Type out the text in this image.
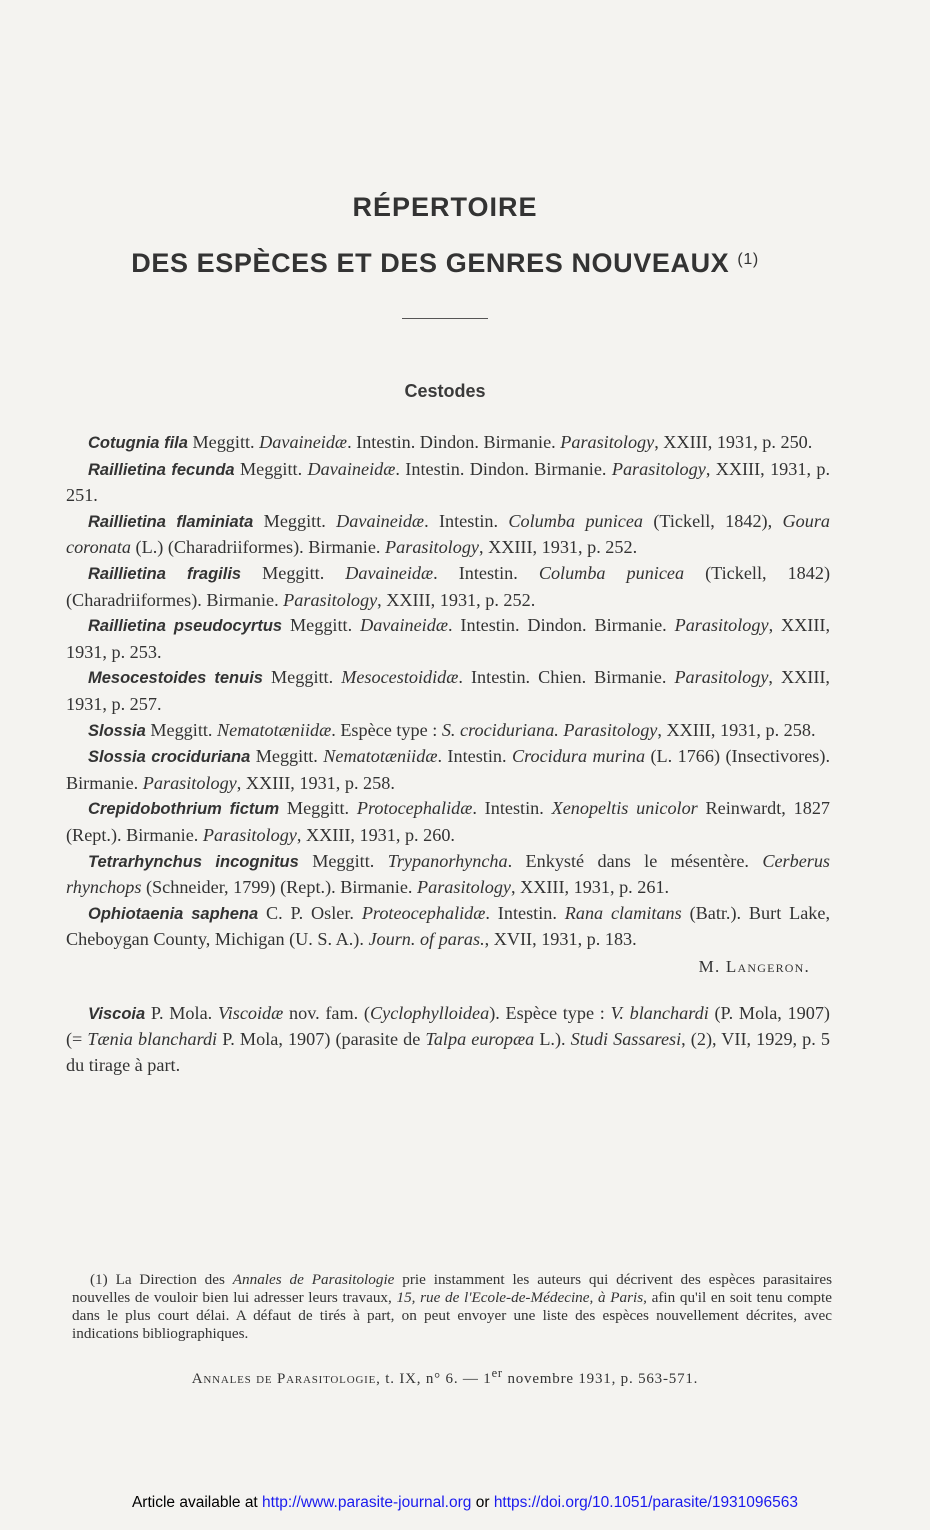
RÉPERTOIRE
DES ESPÈCES ET DES GENRES NOUVEAUX $^{(1)}$
Cestodes

Cotugnia fila Meggitt. Davaineidæ. Intestin. Dindon. Birmanie. Parasitology, XXIII, 1931, p. 250.

Raillietina fecunda Meggitt. Davaineidæ. Intestin. Dindon. Birmanie. Parasitology, XXIII, 1931, p. 251.

Raillietina flaminiata Meggitt. Davaineidæ. Intestin. Columba punicea (Tickell, 1842), Goura coronata (L.) (Charadriiformes). Birmanie. Parasitology, XXIII, 1931, p. 252.

Raillietina fragilis Meggitt. Davaineidæ. Intestin. Columba punicea (Tickell, 1842) (Charadriiformes). Birmanie. Parasitology, XXIII, 1931, p. 252.

Raillietina pseudocyrtus Meggitt. Davaineidæ. Intestin. Dindon. Birmanie. Parasitology, XXIII, 1931, p. 253.

Mesocestoides tenuis Meggitt. Mesocestoididæ. Intestin. Chien. Birmanie. Parasitology, XXIII, 1931, p. 257.

Slossia Meggitt. Nematotæniidæ. Espèce type : S. crociduriana. Parasitology, XXIII, 1931, p. 258.

Slossia crociduriana Meggitt. Nematotæniidæ. Intestin. Crocidura murina (L. 1766) (Insectivores). Birmanie. Parasitology, XXIII, 1931, p. 258.

Crepidobothrium fictum Meggitt. Protocephalidæ. Intestin. Xenopeltis unicolor Reinwardt, 1827 (Rept.). Birmanie. Parasitology, XXIII, 1931, p. 260.

Tetrarhynchus incognitus Meggitt. Trypanorhyncha. Enkysté dans le mésentère. Cerberus rhynchops (Schneider, 1799) (Rept.). Birmanie. Parasitology, XXIII, 1931, p. 261.

Ophiotaenia saphena C. P. Osler. Proteocephalidæ. Intestin. Rana clamitans (Batr.). Burt Lake, Cheboygan County, Michigan (U. S. A.). Journ. of paras., XVII, 1931, p. 183.

M. Langeron.

Viscoia P. Mola. Viscoidæ nov. fam. (Cyclophylloidea). Espèce type : V. blanchardi (P. Mola, 1907) (= Tænia blanchardi P. Mola, 1907) (parasite de Talpa europæa L.). Studi Sassaresi, (2), VII, 1929, p. 5 du tirage à part.

(1) La Direction des Annales de Parasitologie prie instamment les auteurs qui décrivent des espèces parasitaires nouvelles de vouloir bien lui adresser leurs travaux, 15, rue de l'Ecole-de-Médecine, à Paris, afin qu'il en soit tenu compte dans le plus court délai. A défaut de tirés à part, on peut envoyer une liste des espèces nouvellement décrites, avec indications bibliographiques.

Annales de Parasitologie, t. IX, n° 6. — 1er novembre 1931, p. 563-571.
Article available at http://www.parasite-journal.org or https://doi.org/10.1051/parasite/1931096563
